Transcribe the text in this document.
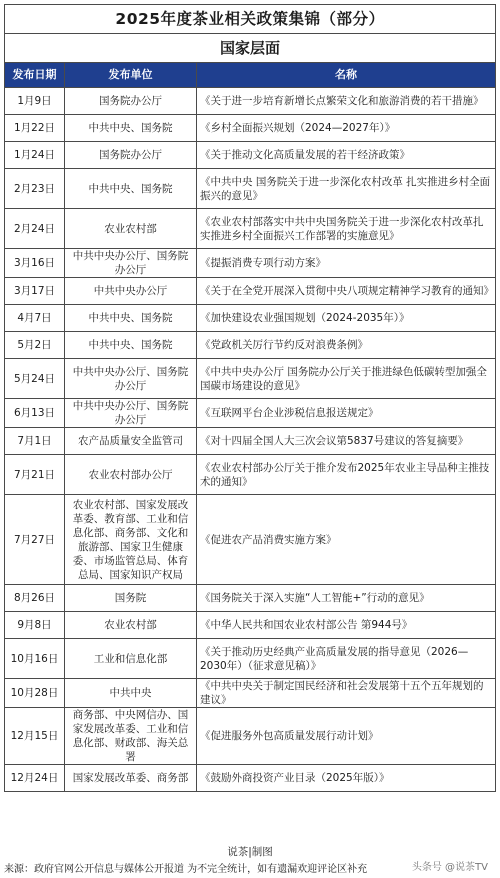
2025年度茶业相关政策集锦（部分）		
国家层面		
发布日期	发布单位	名称
1月9日	国务院办公厅	《关于进一步培育新增长点繁荣文化和旅游消费的若干措施》
1月22日	中共中央、国务院	《乡村全面振兴规划（2024—2027年）》
1月24日	国务院办公厅	《关于推动文化高质量发展的若干经济政策》
2月23日	中共中央、国务院	《中共中央 国务院关于进一步深化农村改革 扎实推进乡村全面振兴的意见》
2月24日	农业农村部	《农业农村部落实中共中央国务院关于进一步深化农村改革扎实推进乡村全面振兴工作部署的实施意见》
3月16日	中共中央办公厅、国务院办公厅	《提振消费专项行动方案》
3月17日	中共中央办公厅	《关于在全党开展深入贯彻中央八项规定精神学习教育的通知》
4月7日	中共中央、国务院	《加快建设农业强国规划（2024-2035年）》
5月2日	中共中央、国务院	《党政机关厉行节约反对浪费条例》
5月24日	中共中央办公厅、国务院办公厅	《中共中央办公厅 国务院办公厅关于推进绿色低碳转型加强全国碳市场建设的意见》
6月13日	中共中央办公厅、国务院办公厅	《互联网平台企业涉税信息报送规定》
7月1日	农产品质量安全监管司	《对十四届全国人大三次会议第5837号建议的答复摘要》
7月21日	农业农村部办公厅	《农业农村部办公厅关于推介发布2025年农业主导品种主推技术的通知》
7月27日	农业农村部、国家发展改革委、教育部、工业和信息化部、商务部、文化和旅游部、国家卫生健康委、市场监管总局、体育总局、国家知识产权局	《促进农产品消费实施方案》
8月26日	国务院	《国务院关于深入实施“人工智能+”行动的意见》
9月8日	农业农村部	《中华人民共和国农业农村部公告 第944号》
10月16日	工业和信息化部	《关于推动历史经典产业高质量发展的指导意见（2026—2030年）（征求意见稿）》
10月28日	中共中央	《中共中央关于制定国民经济和社会发展第十五个五年规划的建议》
12月15日	商务部、中央网信办、国家发展改革委、工业和信息化部、财政部、海关总署	《促进服务外包高质量发展行动计划》
12月24日	国家发展改革委、商务部	《鼓励外商投资产业目录（2025年版）》
说茶|制图
来源：政府官网公开信息与媒体公开报道 为不完全统计，如有遗漏欢迎评论区补充	头条号 @说茶TV
